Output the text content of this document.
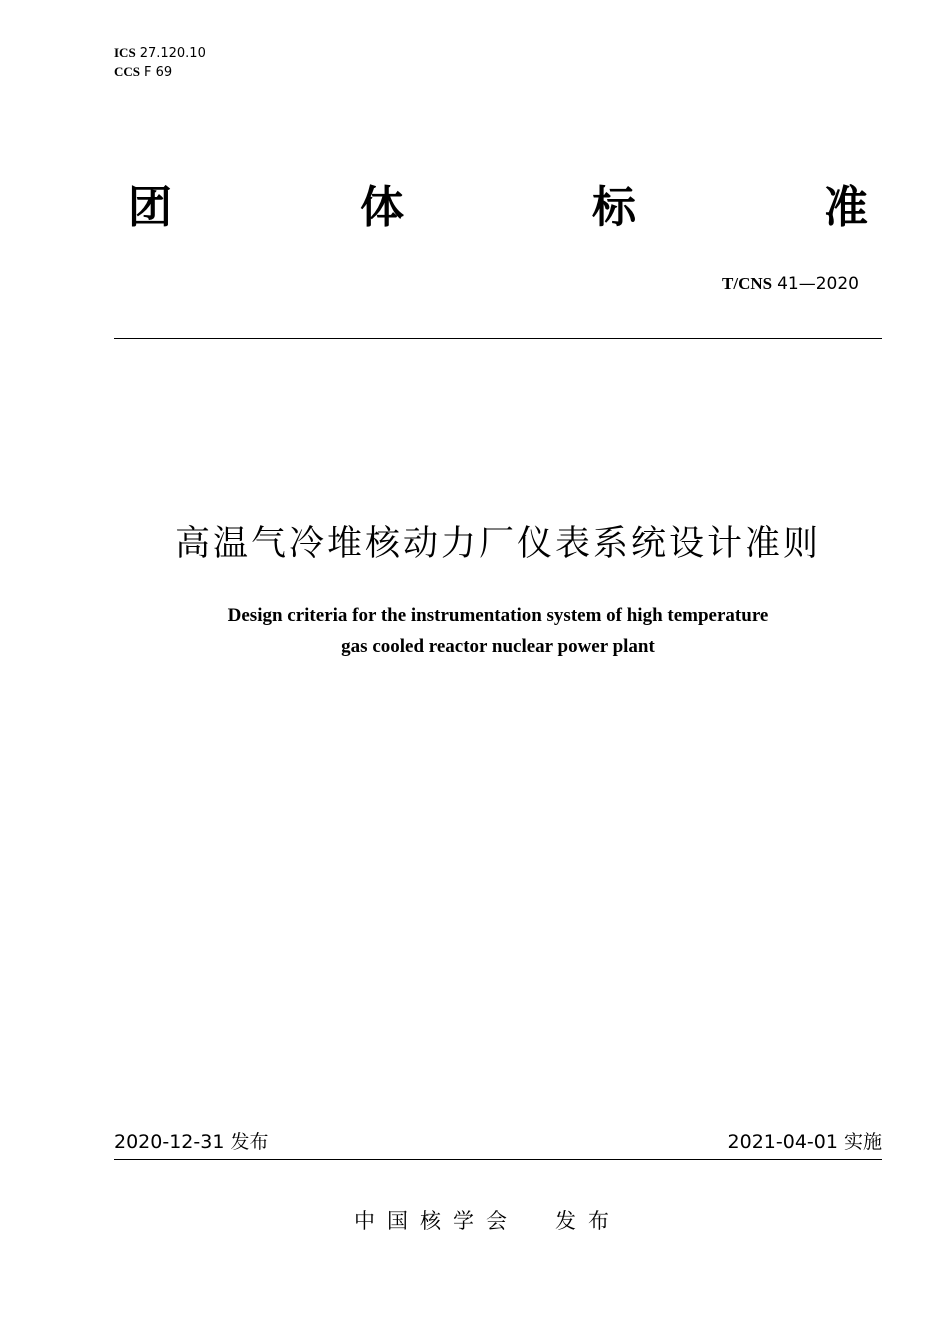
ICS 27.120.10
CCS F 69
团	体	标	准
T/CNS 41—2020
高温气冷堆核动力厂仪表系统设计准则
Design criteria for the instrumentation system of high temperature
gas cooled reactor nuclear power plant
2020-12-31 发布	2021-04-01 实施
中国核学会 发布
